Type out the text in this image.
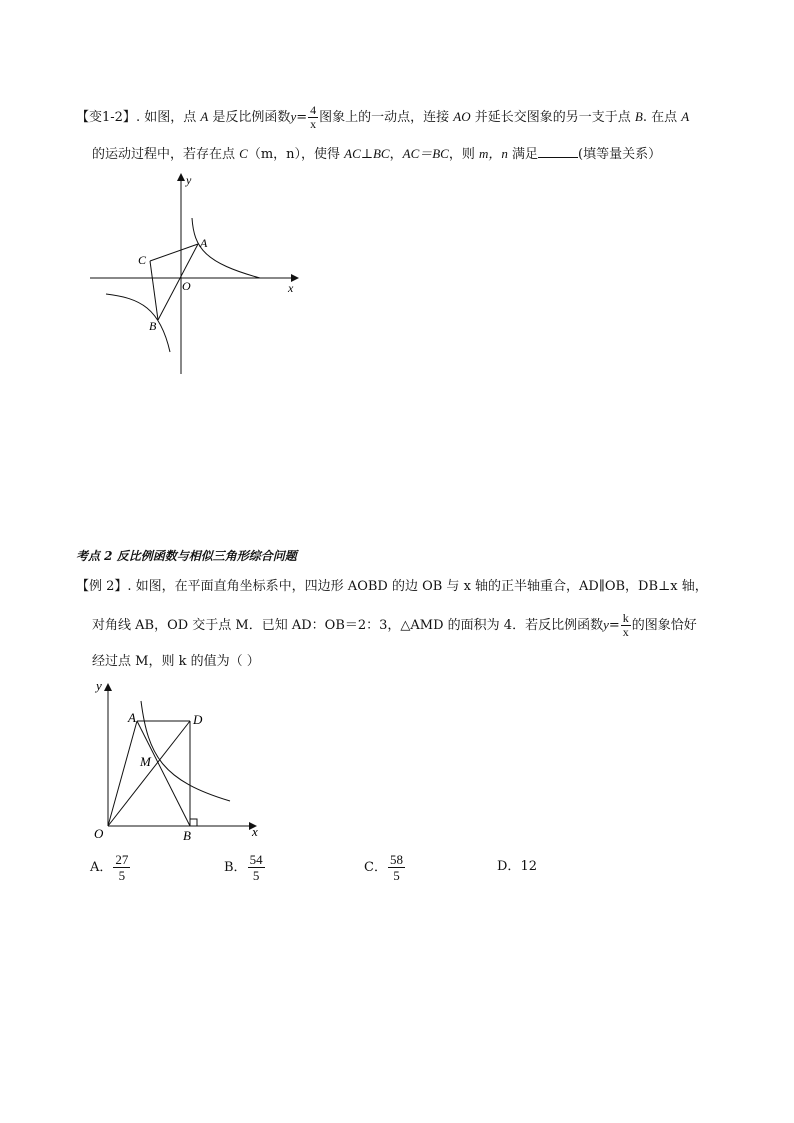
【变1-2】. 如图，点 A 是反比例函数$y= \frac{4}{x}$ 图象上的一动点，连接 AO 并延长交图象的另一支于点 B. 在点 A
的运动过程中，若存在点 C（m，n），使得 AC⊥BC，AC＝BC，则 m，n 满足	(填等量关系）
y
x
O
A
B
C
考点 2 反比例函数与相似三角形综合问题
【例 2】. 如图，在平面直角坐标系中，四边形 AOBD 的边 OB 与 x 轴的正半轴重合，AD∥OB，DB⊥x 轴，
对角线 AB，OD 交于点 M．已知 AD：OB＝2：3，△AMD 的面积为 4．若反比例函数$y= \frac{k}{x}$ 的图象恰好
经过点 M，则 k 的值为（ ）
y
x
O
A
B
D
M
A． $\frac{27}{5}$	B． $\frac{54}{5}$	C． $\frac{58}{5}$	D．12
